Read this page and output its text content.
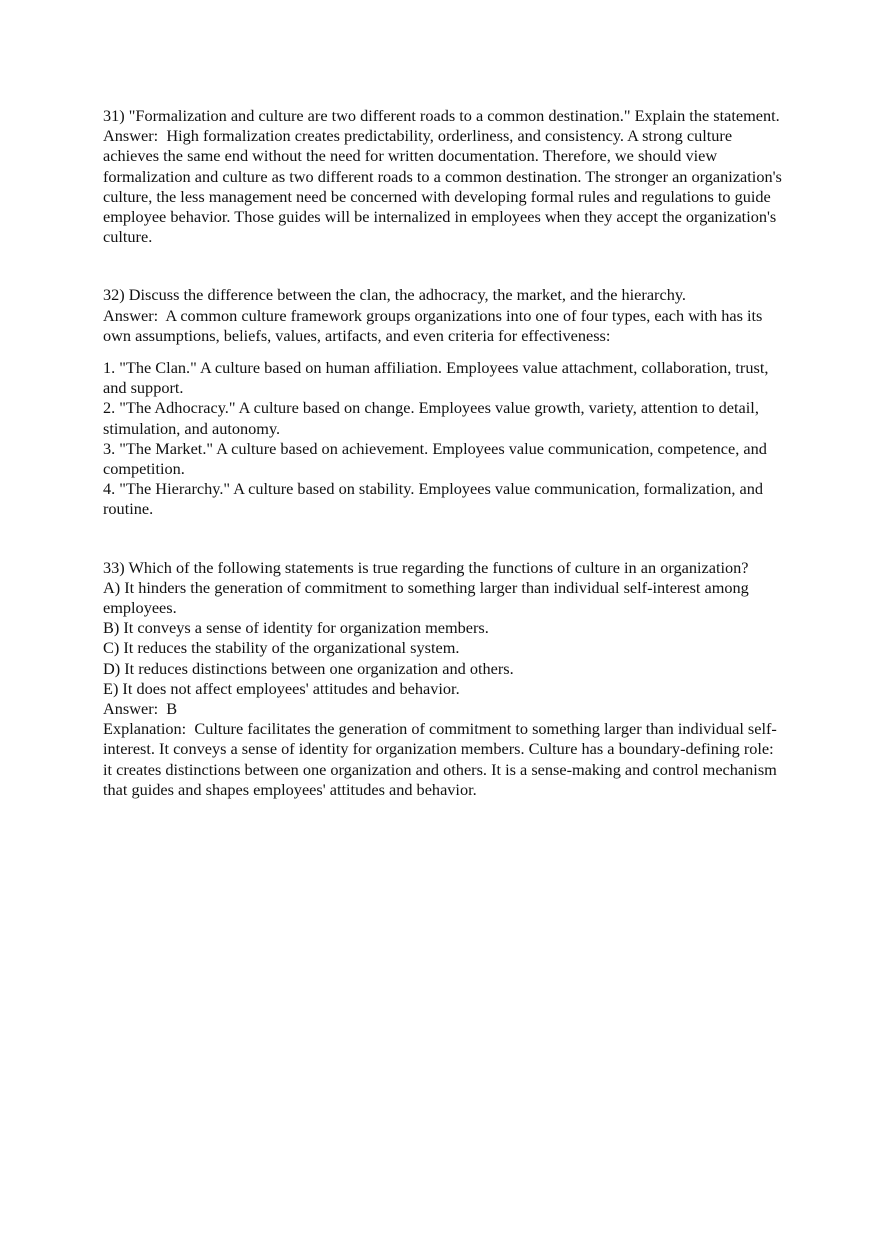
31) "Formalization and culture are two different roads to a common destination." Explain the statement.

Answer:  High formalization creates predictability, orderliness, and consistency. A strong culture achieves the same end without the need for written documentation. Therefore, we should view formalization and culture as two different roads to a common destination. The stronger an organization's culture, the less management need be concerned with developing formal rules and regulations to guide employee behavior. Those guides will be internalized in employees when they accept the organization's culture.

32) Discuss the difference between the clan, the adhocracy, the market, and the hierarchy.

Answer:  A common culture framework groups organizations into one of four types, each with has its own assumptions, beliefs, values, artifacts, and even criteria for effectiveness:

1. "The Clan." A culture based on human affiliation. Employees value attachment, collaboration, trust, and support.

2. "The Adhocracy." A culture based on change. Employees value growth, variety, attention to detail, stimulation, and autonomy.

3. "The Market." A culture based on achievement. Employees value communication, competence, and competition.

4. "The Hierarchy." A culture based on stability. Employees value communication, formalization, and routine.

33) Which of the following statements is true regarding the functions of culture in an organization?

A) It hinders the generation of commitment to something larger than individual self-interest among employees.

B) It conveys a sense of identity for organization members.

C) It reduces the stability of the organizational system.

D) It reduces distinctions between one organization and others.

E) It does not affect employees' attitudes and behavior.

Answer:  B

Explanation:  Culture facilitates the generation of commitment to something larger than individual self-interest. It conveys a sense of identity for organization members. Culture has a boundary-defining role: it creates distinctions between one organization and others. It is a sense-making and control mechanism that guides and shapes employees' attitudes and behavior.
